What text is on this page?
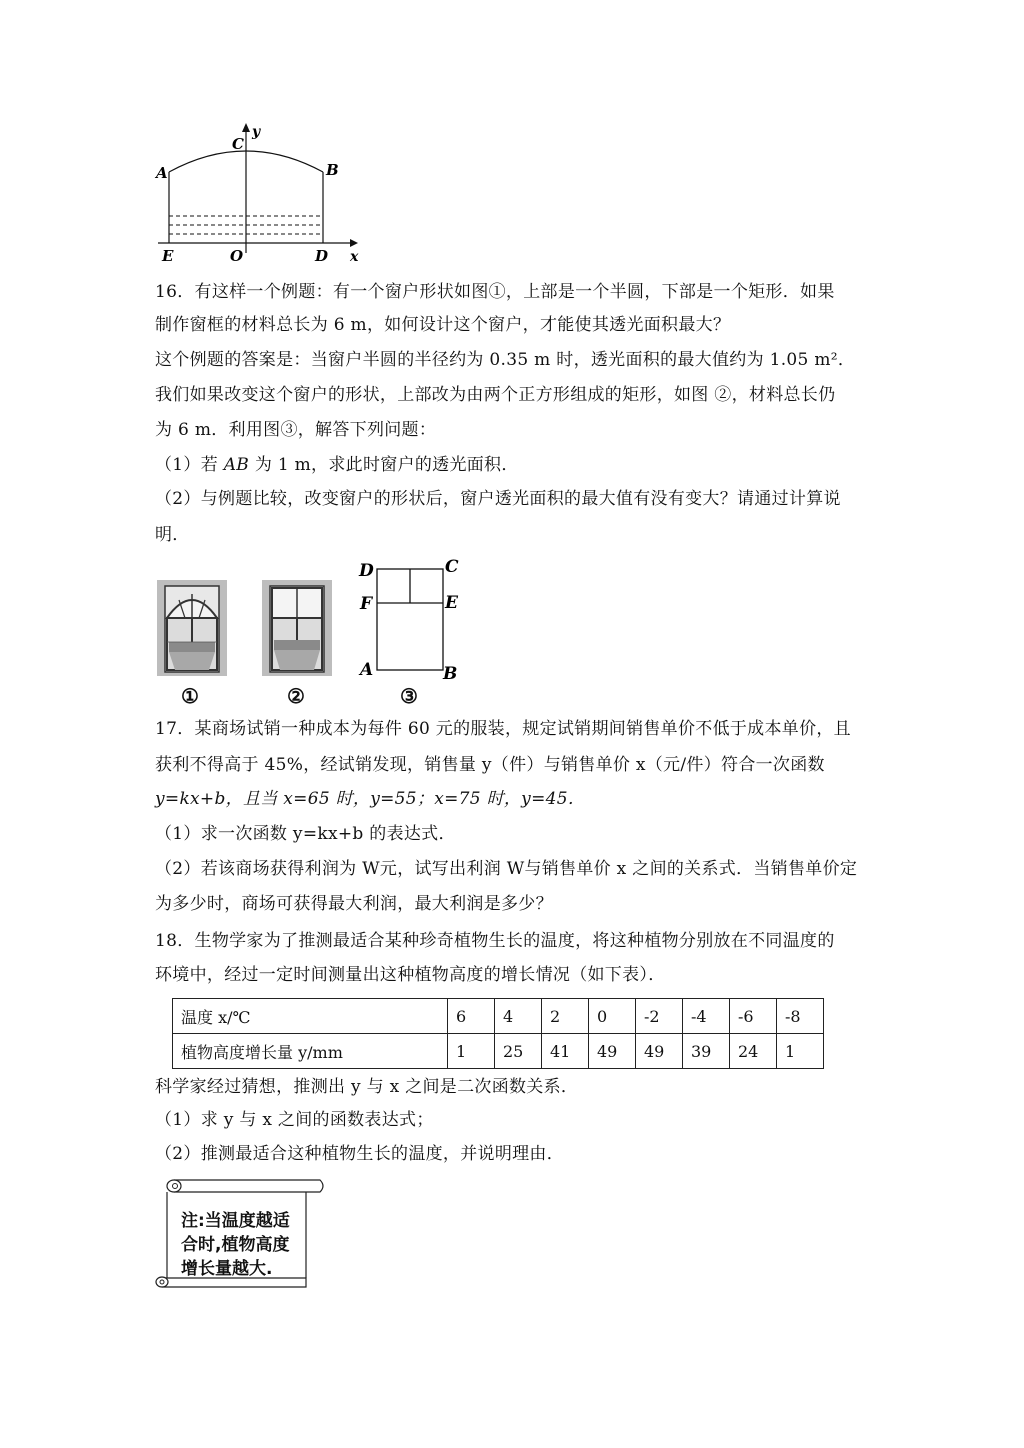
A	B
C
y
E	O	D x
16．有这样一个例题：有一个窗户形状如图①，上部是一个半圆，下部是一个矩形．如果
制作窗框的材料总长为 6 m，如何设计这个窗户，才能使其透光面积最大？
这个例题的答案是：当窗户半圆的半径约为 0.35 m 时，透光面积的最大值约为 1.05 m²．
我们如果改变这个窗户的形状，上部改为由两个正方形组成的矩形，如图 ②，材料总长仍
为 6 m．利用图③，解答下列问题：
（1）若 AB 为 1 m，求此时窗户的透光面积．
（2）与例题比较，改变窗户的形状后，窗户透光面积的最大值有没有变大？请通过计算说
明．
①	②
D	C
F	E
A	B
③
17．某商场试销一种成本为每件 60 元的服装，规定试销期间销售单价不低于成本单价，且
获利不得高于 45%，经试销发现，销售量 y（件）与销售单价 x（元/件）符合一次函数
y=kx+b，且当 x=65 时，y=55；x=75 时，y=45．
（1）求一次函数 y=kx+b 的表达式．
（2）若该商场获得利润为 W元，试写出利润 W与销售单价 x 之间的关系式．当销售单价定
为多少时，商场可获得最大利润，最大利润是多少？
18．生物学家为了推测最适合某种珍奇植物生长的温度，将这种植物分别放在不同温度的
环境中，经过一定时间测量出这种植物高度的增长情况（如下表）．
温度 x/℃	6	4	2	0	-2	-4	-6	-8
植物高度增长量 y/mm	1	25	41	49	49	39	24	1
科学家经过猜想，推测出 y 与 x 之间是二次函数关系．
（1）求 y 与 x 之间的函数表达式；
（2）推测最适合这种植物生长的温度，并说明理由．
注:当温度越适
合时,植物高度
增长量越大.
